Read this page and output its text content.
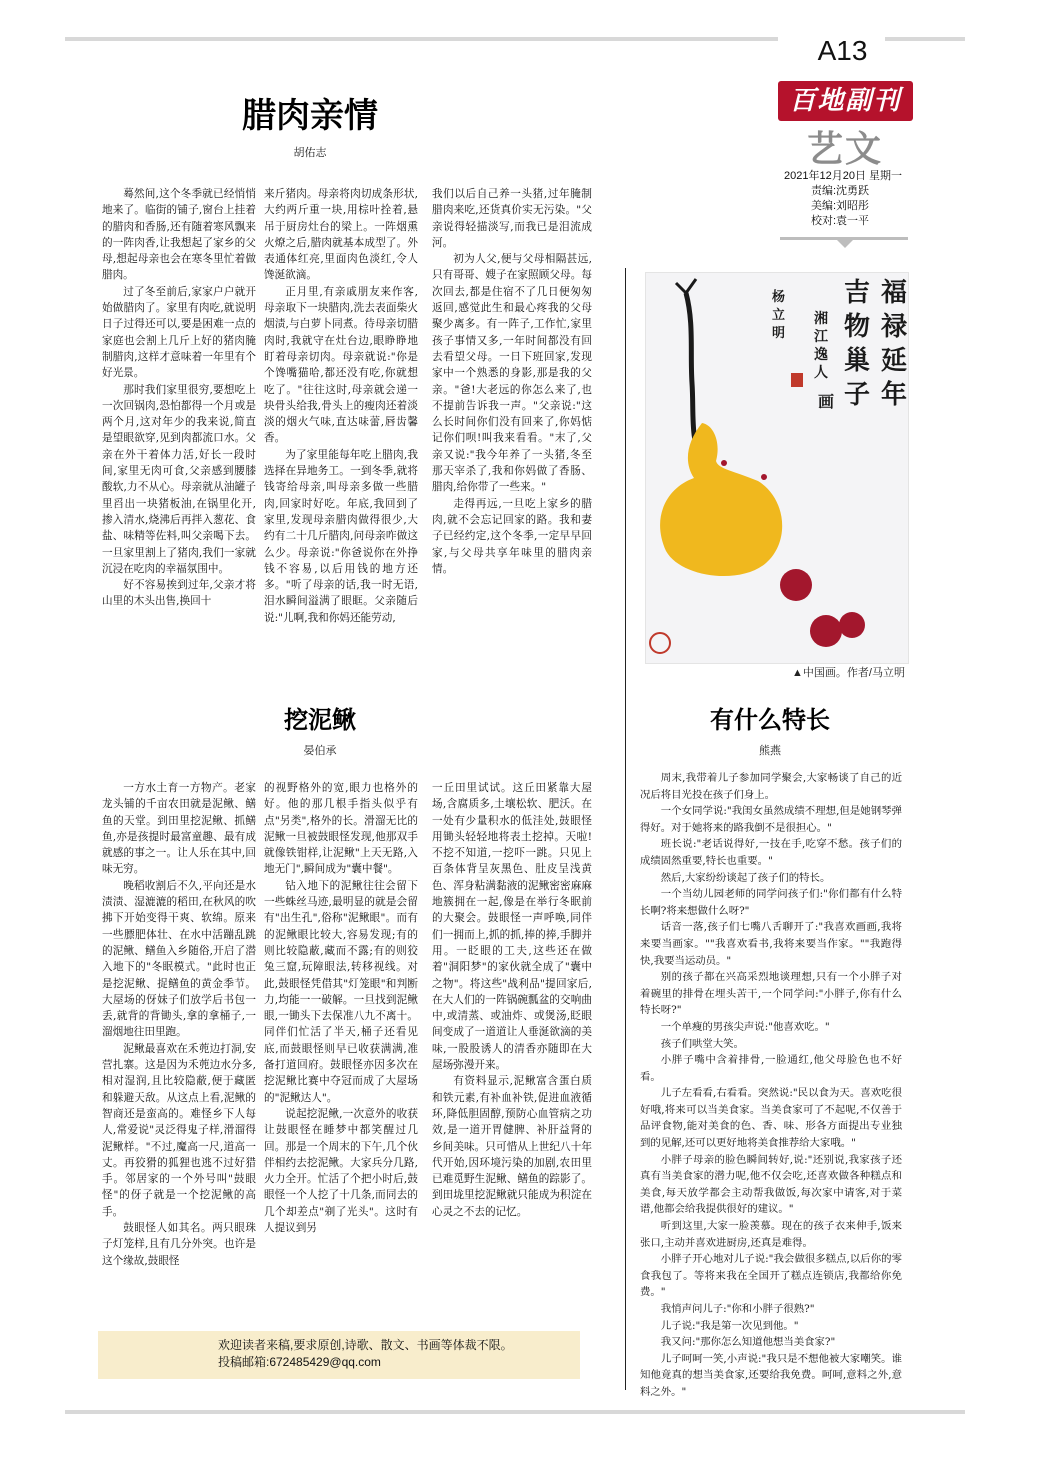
A13
百地副刊
艺文
2021年12月20日 星期一
责编:沈勇跃
美编:刘昭彤
校对:袁一平
腊肉亲情
胡佑志

蓦然间,这个冬季就已经悄悄地来了。临街的铺子,窗台上挂着的腊肉和香肠,还有随着寒风飘来的一阵肉香,让我想起了家乡的父母,想起母亲也会在寒冬里忙着做腊肉。

过了冬至前后,家家户户就开始做腊肉了。家里有肉吃,就说明日子过得还可以,要是困难一点的家庭也会割上几斤上好的猪肉腌制腊肉,这样才意味着一年里有个好光景。

那时我们家里很穷,要想吃上一次回锅肉,恐怕都得一个月或是两个月,这对年少的我来说,简直是望眼欲穿,见到肉都流口水。父亲在外干着体力活,好长一段时间,家里无肉可食,父亲感到腰膝酸软,力不从心。母亲就从油罐子里舀出一块猪板油,在锅里化开,掺入清水,烧沸后再拌入葱花、食盐、味精等佐料,叫父亲喝下去。一旦家里割上了猪肉,我们一家就沉浸在吃肉的幸福氛围中。

好不容易挨到过年,父亲才将山里的木头出售,换回十

来斤猪肉。母亲将肉切成条形状,大约两斤重一块,用棕叶拴着,悬吊于厨房灶台的梁上。一阵烟熏火燎之后,腊肉就基本成型了。外表通体红亮,里面肉色淡红,令人馋涎欲滴。

正月里,有亲戚朋友来作客,母亲取下一块腊肉,洗去表面柴火烟渍,与白萝卜同煮。待母亲切腊肉时,我就守在灶台边,眼睁睁地盯着母亲切肉。母亲就说:"你是个馋嘴猫哈,都还没有吃,你就想吃了。"往往这时,母亲就会递一块骨头给我,骨头上的瘦肉还着淡淡的烟火气味,直达味蕾,唇齿馨香。

为了家里能每年吃上腊肉,我选择在异地务工。一到冬季,就将钱寄给母亲,叫母亲多做一些腊肉,回家时好吃。年底,我回到了家里,发现母亲腊肉做得很少,大约有二十几斤腊肉,问母亲咋做这么少。母亲说:"你爸说你在外挣钱不容易,以后用钱的地方还多。"听了母亲的话,我一时无语,泪水瞬间溢满了眼眶。父亲随后说:"儿啊,我和你妈还能劳动,

我们以后自己养一头猪,过年腌制腊肉来吃,还货真价实无污染。"父亲说得轻描淡写,而我已是泪流成河。

初为人父,便与父母相隔甚远,只有哥哥、嫂子在家照顾父母。每次回去,都是住宿不了几日便匆匆返回,感觉此生和最心疼我的父母聚少离多。有一阵子,工作忙,家里孩子事情又多,一年时间都没有回去看望父母。一日下班回家,发现家中一个熟悉的身影,那是我的父亲。"爸!大老远的你怎么来了,也不提前告诉我一声。"父亲说:"这么长时间你们没有回来了,你妈惦记你们呗!叫我来看看。"末了,父亲又说:"我今年养了一头猪,冬至那天宰杀了,我和你妈做了香肠、腊肉,给你带了一些来。"

走得再远,一旦吃上家乡的腊肉,就不会忘记回家的路。我和妻子已经约定,这个冬季,一定早早回家,与父母共享年味里的腊肉亲情。

挖泥鳅
晏伯承

一方水土育一方物产。老家龙头铺的千亩农田就是泥鳅、鳝鱼的天堂。到田里挖泥鳅、抓鳝鱼,亦是孩提时最富童趣、最有成就感的事之一。让人乐在其中,回味无穷。

晚稻收割后不久,平向还是水渍渍、湿漉漉的稻田,在秋风的吹拂下开始变得干爽、软绵。原来一些膘肥体壮、在水中活蹦乱跳的泥鳅、鳝鱼入乡随俗,开启了潜入地下的"冬眠模式。"此时也正是挖泥鳅、捉鳝鱼的黄金季节。大屋场的伢妹子们放学后书包一丢,就背的背锄头,拿的拿桶子,一溜烟地往田里跑。

泥鳅最喜欢在禾蔸边打洞,安营扎寨。这是因为禾蔸边水分多,相对湿润,且比较隐蔽,便于藏匿和躲避天敌。从这点上看,泥鳅的智商还是蛮高的。难怪乡下人每人,常爱说"灵泛得鬼子样,滑溜得泥鳅样。"不过,魔高一尺,道高一丈。再狡猾的狐狸也逃不过好猎手。邻居家的一个外号叫"鼓眼怪"的伢子就是一个挖泥鳅的高手。

鼓眼怪人如其名。两只眼珠子灯笼样,且有几分外突。也许是这个缘故,鼓眼怪

的视野格外的宽,眼力也格外的好。他的那几根手指头似乎有点"另类",格外的长。滑溜无比的泥鳅一旦被鼓眼怪发现,他那双手就像铁钳样,让泥鳅"上天无路,入地无门",瞬间成为"囊中餐"。

钻入地下的泥鳅往往会留下一些蛛丝马迹,最明显的就是会留有"出生孔",俗称"泥鳅眼"。而有的泥鳅眼比较大,容易发现;有的则比较隐蔽,藏而不露;有的则狡兔三窟,玩障眼法,转移视线。对此,鼓眼怪凭借其"灯笼眼"和判断力,均能一一破解。一旦找到泥鳅眼,一锄头下去保准八九不离十。同伴们忙活了半天,桶子还看见底,而鼓眼怪则早已收获满满,准备打道回府。鼓眼怪亦因多次在挖泥鳅比赛中夺冠而成了大屋场的"泥鳅达人"。

说起挖泥鳅,一次意外的收获让鼓眼怪在睡梦中都笑醒过几回。那是一个周末的下午,几个伙伴相约去挖泥鳅。大家兵分几路,火力全开。忙活了个把小时后,鼓眼怪一个人挖了十几条,而同去的几个却差点"剃了光头"。这时有人提议到另

一丘田里试试。这丘田紧靠大屋场,含腐质多,土壤松软、肥沃。在一处有少量积水的低洼处,鼓眼怪用锄头轻轻地将表土挖掉。天啦!不挖不知道,一挖吓一跳。只见上百条体背呈灰黑色、肚皮呈浅黄色、浑身粘满黏液的泥鳅密密麻麻地簇拥在一起,像是在举行冬眠前的大聚会。鼓眼怪一声呼唤,同伴们一拥而上,抓的抓,捧的捧,手脚并用。一眨眼的工夫,这些还在做着"洞阳梦"的家伙就全成了"囊中之物"。将这些"战利品"提回家后,在大人们的一阵锅碗瓢盆的交响曲中,或清蒸、或油炸、或煲汤,眨眼间变成了一道道让人垂涎欲滴的美味,一股股诱人的清香亦随即在大屋场弥漫开来。

有资料显示,泥鳅富含蛋白质和铁元素,有补血补铁,促进血液循环,降低胆固醇,预防心血管病之功效,是一道开胃健脾、补肝益肾的乡间美味。只可惜从上世纪八十年代开始,因环境污染的加剧,农田里已难觅野生泥鳅、鳝鱼的踪影了。到田垅里挖泥鳅就只能成为积淀在心灵之不去的记忆。

福
禄
延
年
吉
物
巢
子
湘
江
逸
人
画
杨
立
明
▲中国画。作者/马立明
有什么特长
熊燕

周末,我带着儿子参加同学聚会,大家畅谈了自己的近况后将目光投在孩子们身上。

一个女同学说:"我闺女虽然成绩不理想,但是她钢琴弹得好。对于她将来的路我倒不是很担心。"

班长说:"老话说得好,一技在手,吃穿不愁。孩子们的成绩固然重要,特长也重要。"

然后,大家纷纷谈起了孩子们的特长。

一个当幼儿园老师的同学问孩子们:"你们都有什么特长啊?将来想做什么呀?"

话音一落,孩子们七嘴八舌聊开了:"我喜欢画画,我将来要当画家。""我喜欢看书,我将来要当作家。""我跑得快,我要当运动员。"

别的孩子都在兴高采烈地谈理想,只有一个小胖子对着碗里的排骨在埋头苦干,一个同学问:"小胖子,你有什么特长呀?"

一个单瘦的男孩尖声说:"他喜欢吃。"

孩子们哄堂大笑。

小胖子嘴中含着排骨,一脸通红,他父母脸色也不好看。

儿子左看看,右看看。突然说:"民以食为天。喜欢吃很好哦,将来可以当美食家。当美食家可了不起呢,不仅善于品评食物,能对美食的色、香、味、形各方面提出专业独到的见解,还可以更好地将美食推荐给大家哦。"

小胖子母亲的脸色瞬间转好,说:"还别说,我家孩子还真有当美食家的潜力呢,他不仅会吃,还喜欢做各种糕点和美食,每天放学都会主动帮我做饭,每次家中请客,对于菜谱,他都会给我提供很好的建议。"

听到这里,大家一脸羡慕。现在的孩子衣来伸手,饭来张口,主动并喜欢进厨房,还真是难得。

小胖子开心地对儿子说:"我会做很多糕点,以后你的零食我包了。等将来我在全国开了糕点连锁店,我都给你免费。"

我悄声问儿子:"你和小胖子很熟?"

儿子说:"我是第一次见到他。"

我又问:"那你怎么知道他想当美食家?"

儿子呵呵一笑,小声说:"我只是不想他被大家嘲笑。谁知他竟真的想当美食家,还要给我免费。呵呵,意料之外,意料之外。"

欢迎读者来稿,要求原创,诗歌、散文、书画等体裁不限。
投稿邮箱:672485429@qq.com
